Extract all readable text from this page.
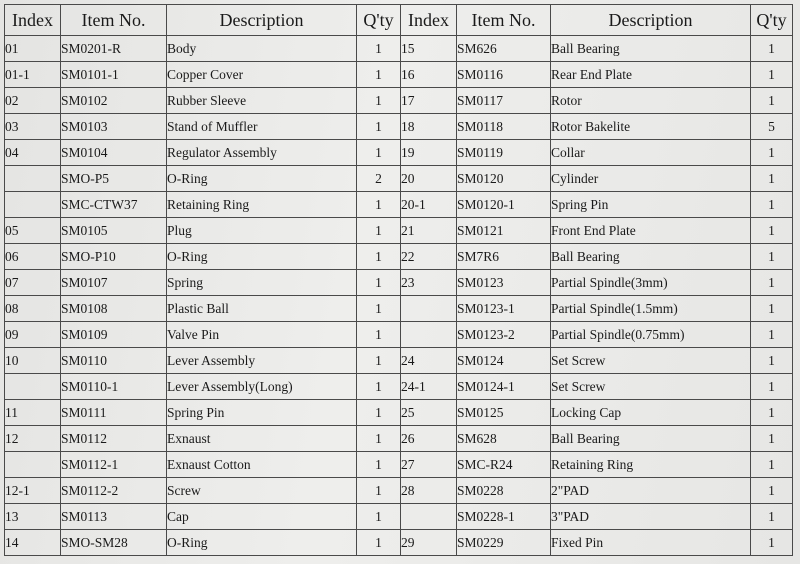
Index	Item No.	Description	Q'ty	Index	Item No.	Description	Q'ty
01	SM0201-R	Body	1	15	SM626	Ball Bearing	1
01-1	SM0101-1	Copper Cover	1	16	SM0116	Rear End Plate	1
02	SM0102	Rubber Sleeve	1	17	SM0117	Rotor	1
03	SM0103	Stand of Muffler	1	18	SM0118	Rotor Bakelite	5
04	SM0104	Regulator Assembly	1	19	SM0119	Collar	1
	SMO-P5	O-Ring	2	20	SM0120	Cylinder	1
	SMC-CTW37	Retaining Ring	1	20-1	SM0120-1	Spring Pin	1
05	SM0105	Plug	1	21	SM0121	Front End Plate	1
06	SMO-P10	O-Ring	1	22	SM7R6	Ball Bearing	1
07	SM0107	Spring	1	23	SM0123	Partial Spindle(3mm)	1
08	SM0108	Plastic Ball	1		SM0123-1	Partial Spindle(1.5mm)	1
09	SM0109	Valve Pin	1		SM0123-2	Partial Spindle(0.75mm)	1
10	SM0110	Lever Assembly	1	24	SM0124	Set Screw	1
	SM0110-1	Lever Assembly(Long)	1	24-1	SM0124-1	Set Screw	1
11	SM0111	Spring Pin	1	25	SM0125	Locking Cap	1
12	SM0112	Exnaust	1	26	SM628	Ball Bearing	1
	SM0112-1	Exnaust Cotton	1	27	SMC-R24	Retaining Ring	1
12-1	SM0112-2	Screw	1	28	SM0228	2"PAD	1
13	SM0113	Cap	1		SM0228-1	3"PAD	1
14	SMO-SM28	O-Ring	1	29	SM0229	Fixed Pin	1
